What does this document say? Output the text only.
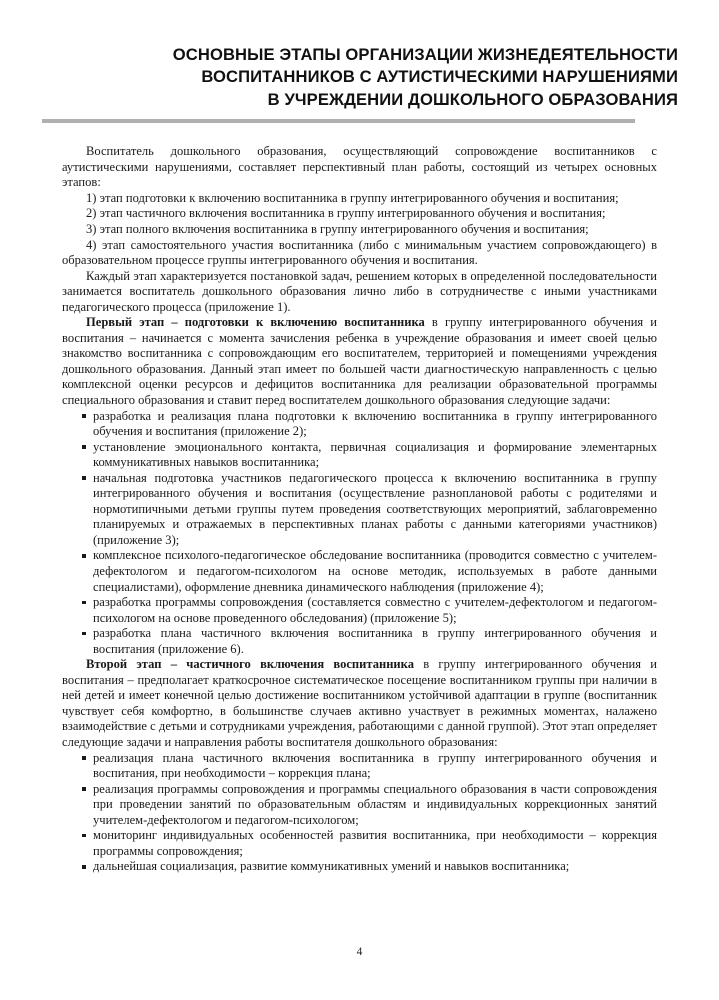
ОСНОВНЫЕ ЭТАПЫ ОРГАНИЗАЦИИ ЖИЗНЕДЕЯТЕЛЬНОСТИ
ВОСПИТАННИКОВ С АУТИСТИЧЕСКИМИ НАРУШЕНИЯМИ
В УЧРЕЖДЕНИИ ДОШКОЛЬНОГО ОБРАЗОВАНИЯ

Воспитатель дошкольного образования, осуществляющий сопровождение воспитанников с аутистическими нарушениями, составляет перспективный план работы, состоящий из четырех основных этапов:

1) этап подготовки к включению воспитанника в группу интегрированного обучения и воспитания;

2) этап частичного включения воспитанника в группу интегрированного обучения и воспитания;

3) этап полного включения воспитанника в группу интегрированного обучения и воспитания;

4) этап самостоятельного участия воспитанника (либо с минимальным участием сопровождающего) в образовательном процессе группы интегрированного обучения и воспитания.

Каждый этап характеризуется постановкой задач, решением которых в определенной последовательности занимается воспитатель дошкольного образования лично либо в сотрудничестве с иными участниками педагогического процесса (приложение 1).

Первый этап – подготовки к включению воспитанника в группу интегрированного обучения и воспитания – начинается с момента зачисления ребенка в учреждение образования и имеет своей целью знакомство воспитанника с сопровождающим его воспитателем, территорией и помещениями учреждения дошкольного образования. Данный этап имеет по большей части диагностическую направленность с целью комплексной оценки ресурсов и дефицитов воспитанника для реализации образовательной программы специального образования и ставит перед воспитателем дошкольного образования следующие задачи:

разработка и реализация плана подготовки к включению воспитанника в группу интегрированного обучения и воспитания (приложение 2);
установление эмоционального контакта, первичная социализация и формирование элементарных коммуникативных навыков воспитанника;
начальная подготовка участников педагогического процесса к включению воспитанника в группу интегрированного обучения и воспитания (осуществление разноплановой работы с родителями и нормотипичными детьми группы путем проведения соответствующих мероприятий, заблаговременно планируемых и отражаемых в перспективных планах работы с данными категориями участников) (приложение 3);
комплексное психолого-педагогическое обследование воспитанника (проводится совместно с учителем-дефектологом и педагогом-психологом на основе методик, используемых в работе данными специалистами), оформление дневника динамического наблюдения (приложение 4);
разработка программы сопровождения (составляется совместно с учителем-дефектологом и педагогом-психологом на основе проведенного обследования) (приложение 5);
разработка плана частичного включения воспитанника в группу интегрированного обучения и воспитания (приложение 6).

Второй этап – частичного включения воспитанника в группу интегрированного обучения и воспитания – предполагает краткосрочное систематическое посещение воспитанником группы при наличии в ней детей и имеет конечной целью достижение воспитанником устойчивой адаптации в группе (воспитанник чувствует себя комфортно, в большинстве случаев активно участвует в режимных моментах, налажено взаимодействие с детьми и сотрудниками учреждения, работающими с данной группой). Этот этап определяет следующие задачи и направления работы воспитателя дошкольного образования:

реализация плана частичного включения воспитанника в группу интегрированного обучения и воспитания, при необходимости – коррекция плана;
реализация программы сопровождения и программы специального образования в части сопровождения при проведении занятий по образовательным областям и индивидуальных коррекционных занятий учителем-дефектологом и педагогом-психологом;
мониторинг индивидуальных особенностей развития воспитанника, при необходимости – коррекция программы сопровождения;
дальнейшая социализация, развитие коммуникативных умений и навыков воспитанника;
4
